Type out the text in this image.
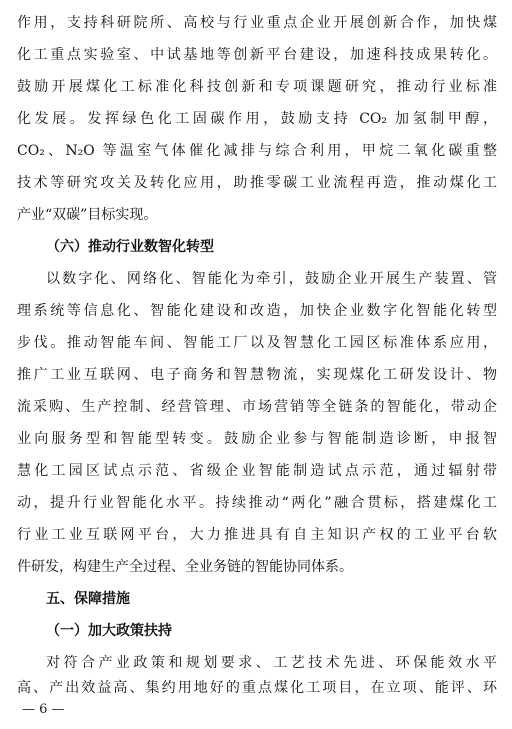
作用，支持科研院所、高校与行业重点企业开展创新合作，加快煤
化工重点实验室、中试基地等创新平台建设，加速科技成果转化。
鼓励开展煤化工标准化科技创新和专项课题研究，推动行业标准
化发展。发挥绿色化工固碳作用，鼓励支持 CO₂ 加氢制甲醇，
CO₂、N₂O 等温室气体催化减排与综合利用，甲烷二氧化碳重整
技术等研究攻关及转化应用，助推零碳工业流程再造，推动煤化工
产业“双碳”目标实现。
（六）推动行业数智化转型
以数字化、网络化、智能化为牵引，鼓励企业开展生产装置、管
理系统等信息化、智能化建设和改造，加快企业数字化智能化转型
步伐。推动智能车间、智能工厂以及智慧化工园区标准体系应用，
推广工业互联网、电子商务和智慧物流，实现煤化工研发设计、物
流采购、生产控制、经营管理、市场营销等全链条的智能化，带动企
业向服务型和智能型转变。鼓励企业参与智能制造诊断，申报智
慧化工园区试点示范、省级企业智能制造试点示范，通过辐射带
动，提升行业智能化水平。持续推动“两化”融合贯标，搭建煤化工
行业工业互联网平台，大力推进具有自主知识产权的工业平台软
件研发，构建生产全过程、全业务链的智能协同体系。
五、保障措施
（一）加大政策扶持
对符合产业政策和规划要求、工艺技术先进、环保能效水平
高、产出效益高、集约用地好的重点煤化工项目，在立项、能评、环
— 6 —
